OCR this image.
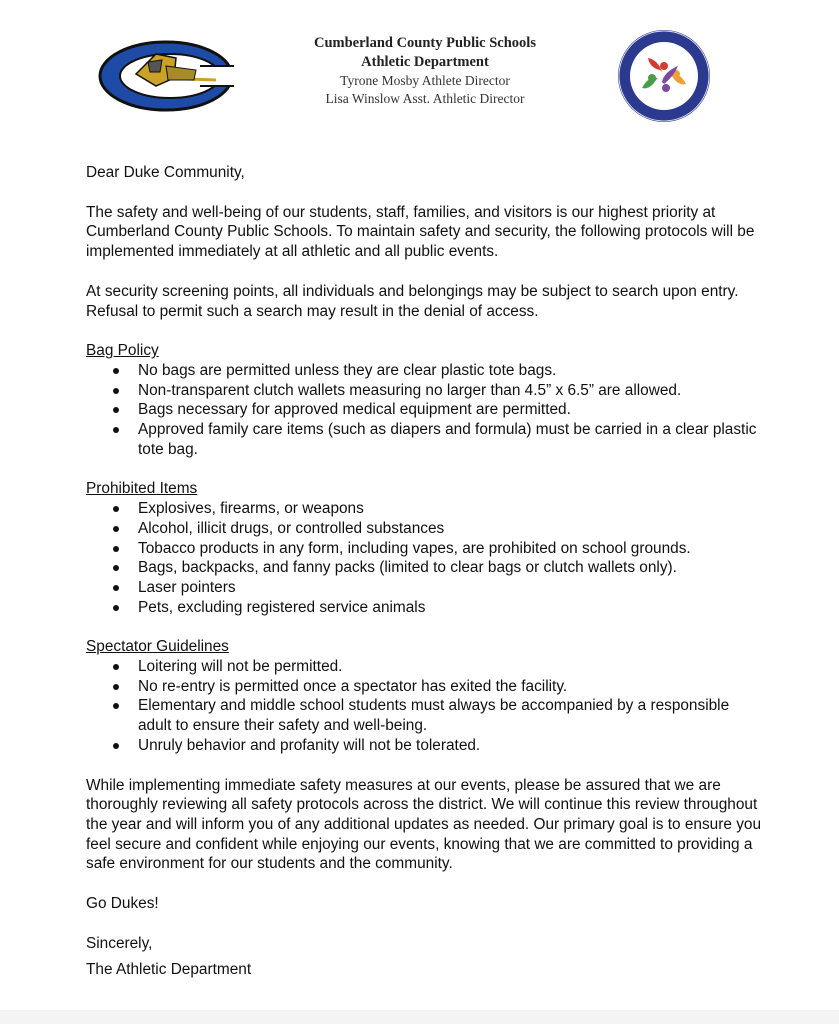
Cumberland County Public Schools
Athletic Department
Tyrone Mosby Athlete Director
Lisa Winslow Asst. Athletic Director

Dear Duke Community,

The safety and well-being of our students, staff, families, and visitors is our highest priority at Cumberland County Public Schools. To maintain safety and security, the following protocols will be implemented immediately at all athletic and all public events.

At security screening points, all individuals and belongings may be subject to search upon entry. Refusal to permit such a search may result in the denial of access.

Bag Policy

No bags are permitted unless they are clear plastic tote bags.
Non-transparent clutch wallets measuring no larger than 4.5” x 6.5” are allowed.
Bags necessary for approved medical equipment are permitted.
Approved family care items (such as diapers and formula) must be carried in a clear plastic tote bag.

Prohibited Items

Explosives, firearms, or weapons
Alcohol, illicit drugs, or controlled substances
Tobacco products in any form, including vapes, are prohibited on school grounds.
Bags, backpacks, and fanny packs (limited to clear bags or clutch wallets only).
Laser pointers
Pets, excluding registered service animals

Spectator Guidelines

Loitering will not be permitted.
No re-entry is permitted once a spectator has exited the facility.
Elementary and middle school students must always be accompanied by a responsible adult to ensure their safety and well-being.
Unruly behavior and profanity will not be tolerated.

While implementing immediate safety measures at our events, please be assured that we are thoroughly reviewing all safety protocols across the district. We will continue this review throughout the year and will inform you of any additional updates as needed. Our primary goal is to ensure you feel secure and confident while enjoying our events, knowing that we are committed to providing a safe environment for our students and the community.

Go Dukes!

Sincerely,

The Athletic Department
